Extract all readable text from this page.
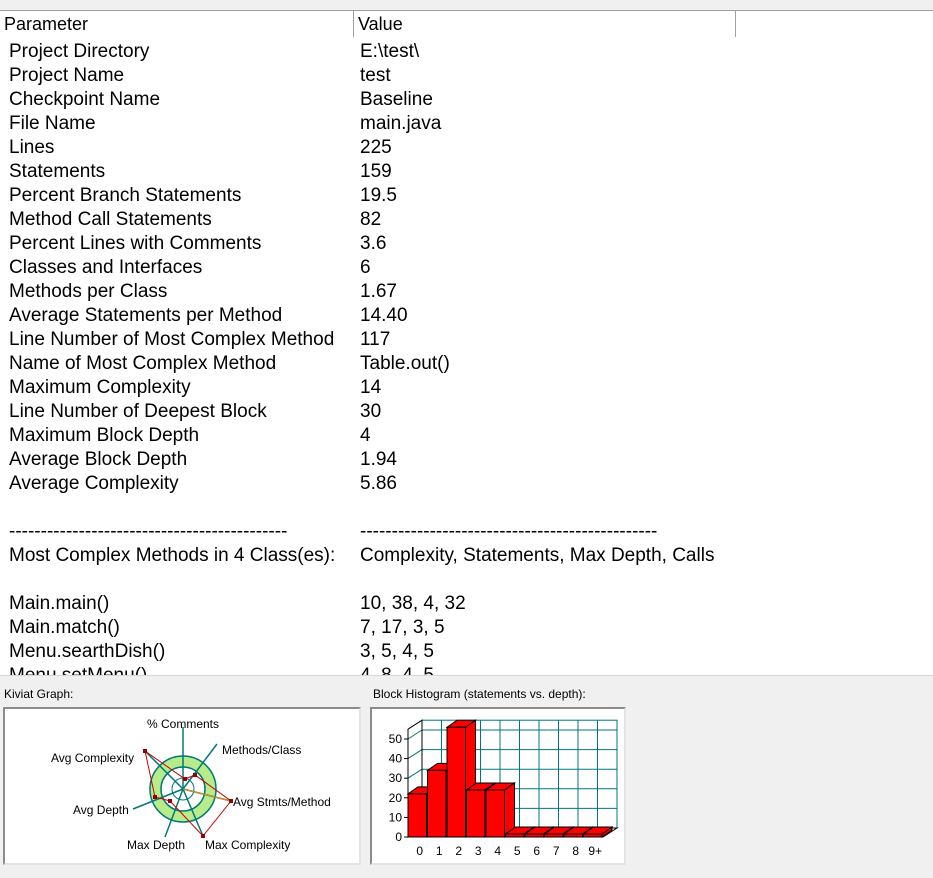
Parameter	Value
Project Directory	E:\test\
Project Name	test
Checkpoint Name	Baseline
File Name	main.java
Lines	225
Statements	159
Percent Branch Statements	19.5
Method Call Statements	82
Percent Lines with Comments	3.6
Classes and Interfaces	6
Methods per Class	1.67
Average Statements per Method	14.40
Line Number of Most Complex Method 117
Name of Most Complex Method	Table.out()
Maximum Complexity	14
Line Number of Deepest Block	30
Maximum Block Depth	4
Average Block Depth	1.94
Average Complexity	5.86
--------------------------------------------	-----------------------------------------------
Most Complex Methods in 4 Class(es): Complexity, Statements, Max Depth, Calls
Main.main()	10, 38, 4, 32
Main.match()	7, 17, 3, 5
Menu.searthDish()	3, 5, 4, 5
Kiviat Graph:	Block Histogram (statements vs. depth):
% Comments
Methods/Class
Avg Stmts/Method
Max Complexity
Max Depth
Avg Depth
Avg Complexity
0
10
20
30
40
50
0 1 2 3 4 5 6 7 8 9+
